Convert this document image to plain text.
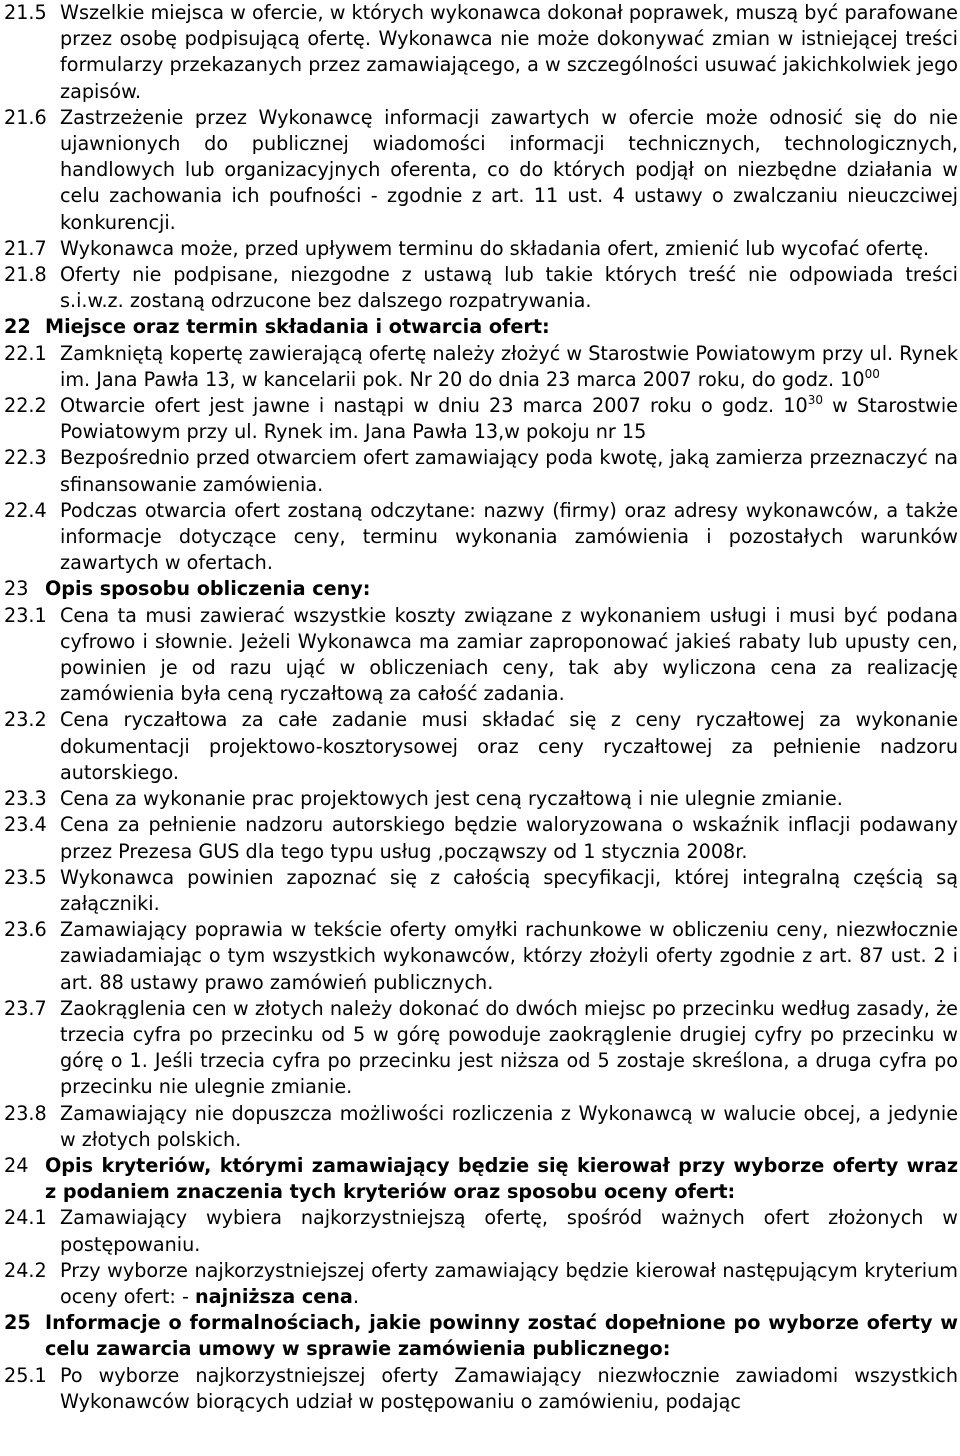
21.5 Wszelkie miejsca w ofercie, w których wykonawca dokonał poprawek, muszą być parafowane przez osobę podpisującą ofertę. Wykonawca nie może dokonywać zmian w istniejącej treści formularzy przekazanych przez zamawiającego, a w szczególności usuwać jakichkolwiek jego zapisów.
21.6 Zastrzeżenie przez Wykonawcę informacji zawartych w ofercie może odnosić się do nie ujawnionych do publicznej wiadomości informacji technicznych, technologicznych, handlowych lub organizacyjnych oferenta, co do których podjął on niezbędne działania w celu zachowania ich poufności - zgodnie z art. 11 ust. 4 ustawy o zwalczaniu nieuczciwej konkurencji.
21.7 Wykonawca może, przed upływem terminu do składania ofert, zmienić lub wycofać ofertę.
21.8 Oferty nie podpisane, niezgodne z ustawą lub takie których treść nie odpowiada treści s.i.w.z. zostaną odrzucone bez dalszego rozpatrywania.
22 Miejsce oraz termin składania i otwarcia ofert:
22.1 Zamkniętą kopertę zawierającą ofertę należy złożyć w Starostwie Powiatowym przy ul. Rynek im. Jana Pawła 13, w kancelarii pok. Nr 20 do dnia 23 marca 2007 roku, do godz. $10^{00}$
22.2 Otwarcie ofert jest jawne i nastąpi w dniu 23 marca 2007 roku o godz. $10^{30}$ w Starostwie Powiatowym przy ul. Rynek im. Jana Pawła 13,w pokoju nr 15
22.3 Bezpośrednio przed otwarciem ofert zamawiający poda kwotę, jaką zamierza przeznaczyć na sfinansowanie zamówienia.
22.4 Podczas otwarcia ofert zostaną odczytane: nazwy (firmy) oraz adresy wykonawców, a także informacje dotyczące ceny, terminu wykonania zamówienia i pozostałych warunków zawartych w ofertach.
23 Opis sposobu obliczenia ceny:
23.1 Cena ta musi zawierać wszystkie koszty związane z wykonaniem usługi i musi być podana cyfrowo i słownie. Jeżeli Wykonawca ma zamiar zaproponować jakieś rabaty lub upusty cen, powinien je od razu ująć w obliczeniach ceny, tak aby wyliczona cena za realizację zamówienia była ceną ryczałtową za całość zadania.
23.2 Cena ryczałtowa za całe zadanie musi składać się z ceny ryczałtowej za wykonanie dokumentacji projektowo-kosztorysowej oraz ceny ryczałtowej za pełnienie nadzoru autorskiego.
23.3 Cena za wykonanie prac projektowych jest ceną ryczałtową i nie ulegnie zmianie.
23.4 Cena za pełnienie nadzoru autorskiego będzie waloryzowana o wskaźnik inflacji podawany przez Prezesa GUS dla tego typu usług ,począwszy od 1 stycznia 2008r.
23.5 Wykonawca powinien zapoznać się z całością specyfikacji, której integralną częścią są załączniki.
23.6 Zamawiający poprawia w tekście oferty omyłki rachunkowe w obliczeniu ceny, niezwłocznie zawiadamiając o tym wszystkich wykonawców, którzy złożyli oferty zgodnie z art. 87 ust. 2 i art. 88 ustawy prawo zamówień publicznych.
23.7 Zaokrąglenia cen w złotych należy dokonać do dwóch miejsc po przecinku według zasady, że trzecia cyfra po przecinku od 5 w górę powoduje zaokrąglenie drugiej cyfry po przecinku w górę o 1. Jeśli trzecia cyfra po przecinku jest niższa od 5 zostaje skreślona, a druga cyfra po przecinku nie ulegnie zmianie.
23.8 Zamawiający nie dopuszcza możliwości rozliczenia z Wykonawcą w walucie obcej, a jedynie w złotych polskich.
24 Opis kryteriów, którymi zamawiający będzie się kierował przy wyborze oferty wraz z podaniem znaczenia tych kryteriów oraz sposobu oceny ofert:
24.1 Zamawiający wybiera najkorzystniejszą ofertę, spośród ważnych ofert złożonych w postępowaniu.
24.2 Przy wyborze najkorzystniejszej oferty zamawiający będzie kierował następującym kryterium oceny ofert: - najniższa cena.
25 Informacje o formalnościach, jakie powinny zostać dopełnione po wyborze oferty w celu zawarcia umowy w sprawie zamówienia publicznego:
25.1 Po wyborze najkorzystniejszej oferty Zamawiający niezwłocznie zawiadomi wszystkich Wykonawców biorących udział w postępowaniu o zamówieniu, podając
